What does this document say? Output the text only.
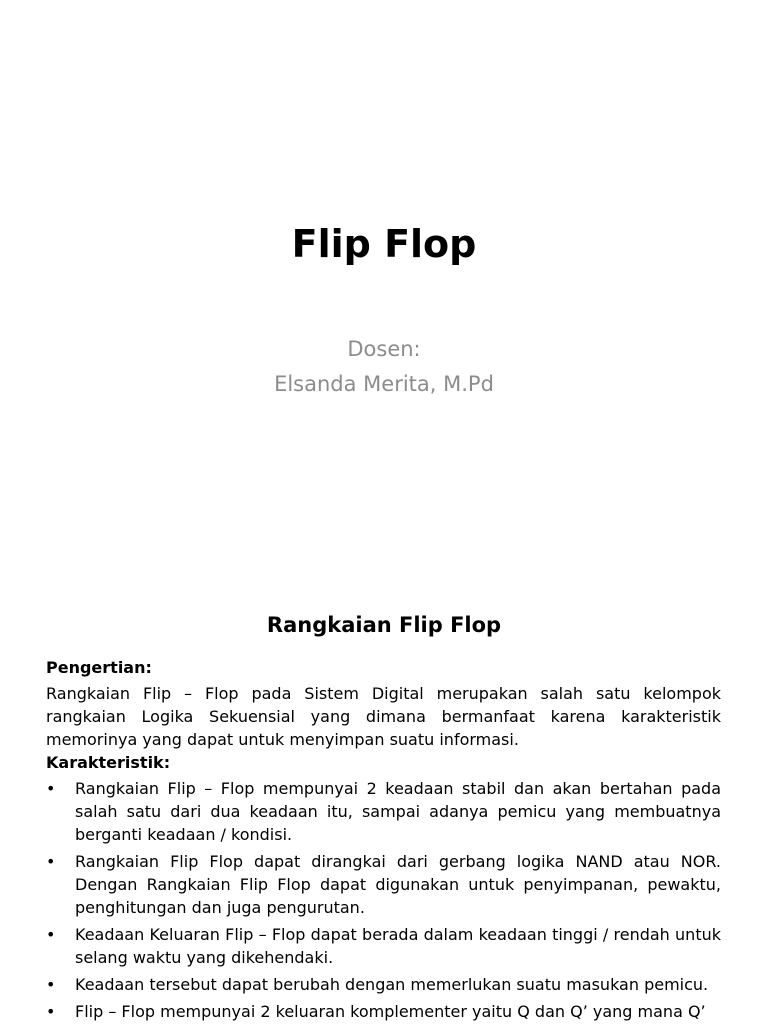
Flip Flop
Dosen:
Elsanda Merita, M.Pd
Rangkaian Flip Flop

Pengertian:

Rangkaian Flip – Flop pada Sistem Digital merupakan salah satu kelompok rangkaian Logika Sekuensial yang dimana bermanfaat karena karakteristik memorinya yang dapat untuk menyimpan suatu informasi.

Karakteristik:

• Rangkaian Flip – Flop mempunyai 2 keadaan stabil dan akan bertahan pada salah satu dari dua keadaan itu, sampai adanya pemicu yang membuatnya berganti keadaan / kondisi.
• Rangkaian Flip Flop dapat dirangkai dari gerbang logika NAND atau NOR. Dengan Rangkaian Flip Flop dapat digunakan untuk penyimpanan, pewaktu, penghitungan dan juga pengurutan.
• Keadaan Keluaran Flip – Flop dapat berada dalam keadaan tinggi / rendah untuk selang waktu yang dikehendaki.
• Keadaan tersebut dapat berubah dengan memerlukan suatu masukan pemicu.
• Flip – Flop mempunyai 2 keluaran komplementer yaitu Q dan Q’ yang mana Q’
